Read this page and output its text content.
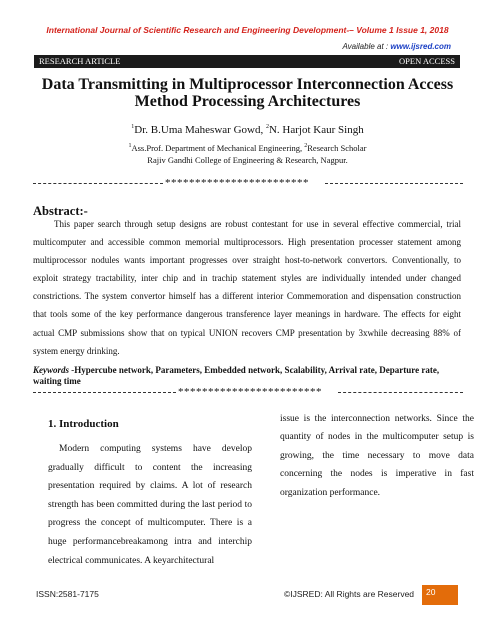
International Journal of Scientific Research and Engineering Development-– Volume 1 Issue 1, 2018
Available at : www.ijsred.com
RESEARCH ARTICLE	OPEN ACCESS
Data Transmitting in Multiprocessor Interconnection Access Method Processing Architectures
$^1$Dr. B.Uma Maheswar Gowd, $^2$N. Harjot Kaur Singh
$^1$Ass.Prof. Department of Mechanical Engineering, $^2$Research Scholar
Rajiv Gandhi College of Engineering & Research, Nagpur.
************************
Abstract:-

This paper search through setup designs are robust contestant for use in several effective commercial, trial multicomputer and accessible common memorial multiprocessors. High presentation processer statement among multiprocessor nodules wants important progresses over straight host-to-network convertors. Conventionally, to exploit strategy tractability, inter chip and in trachip statement styles are individually intended under changed constrictions. The system convertor himself has a different interior Commemoration and dispensation construction that tools some of the key performance dangerous transference layer meanings in hardware. The effects for eight actual CMP submissions show that on typical UNION recovers CMP presentation by 3xwhile decreasing 88% of system energy drinking.

Keywords -Hypercube network, Parameters, Embedded network, Scalability, Arrival rate, Departure rate, waiting time
************************
1. Introduction

Modern computing systems have develop gradually difficult to content the increasing presentation required by claims. A lot of research strength has been committed during the last period to progress the concept of multicomputer. There is a huge performancebreakamong intra and interchip electrical communicates. A keyarchitectural

issue is the interconnection networks. Since the quantity of nodes in the multicomputer setup is growing, the time necessary to move data concerning the nodes is imperative in fast organization performance.

ISSN:2581-7175	©IJSRED: All Rights are Reserved	20
